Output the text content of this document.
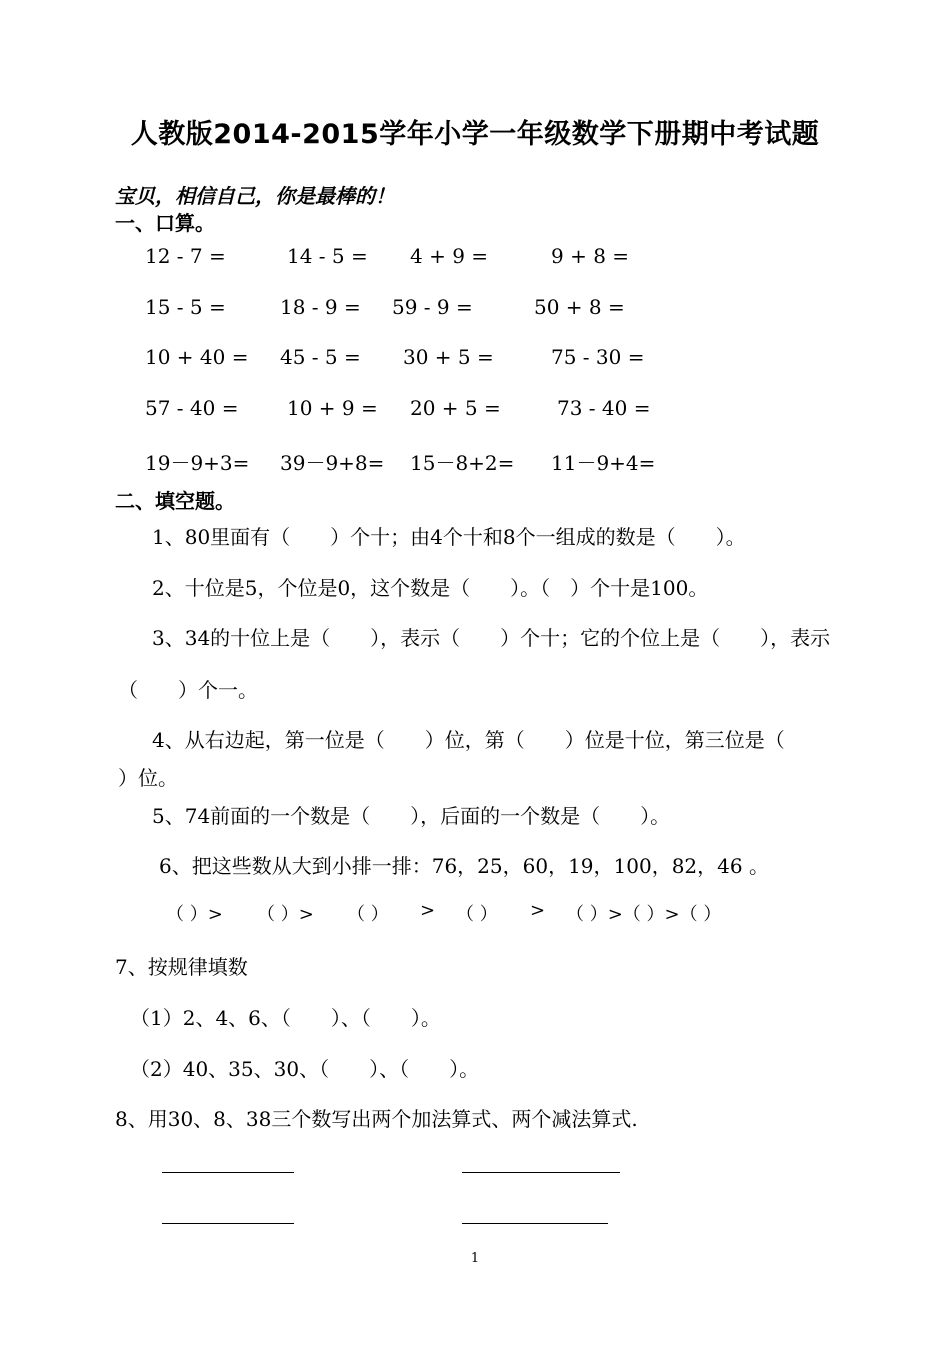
人教版2014-2015学年小学一年级数学下册期中考试题
宝贝，相信自己，你是最棒的！
一、口算。
12 - 7 =	14 - 5 = 4 + 9 =	9 + 8 =
15 - 5 =	18 - 9 = 59 - 9 =	50 + 8 =
10 + 40 = 45 - 5 = 30 + 5 =	75 - 30 =
57 - 40 = 10 + 9 = 20 + 5 =	73 - 40 =
19－9+3= 39－9+8= 15－8+2= 11－9+4=
二、填空题。
1、80里面有（　　）个十；由4个十和8个一组成的数是（　　）。
2、十位是5，个位是0，这个数是（　　）。（　）个十是100。
3、34的十位上是（　　），表示（　　）个十；它的个位上是（　　），表示
（　　）个一。
4、从右边起，第一位是（　　）位，第（　　）位是十位，第三位是（
）位。
5、74前面的一个数是（　　），后面的一个数是（　　）。
6、把这些数从大到小排一排：76，25，60，19，100，82，46 。
（ ）> （ ）> （ ） > （ ） > （ ）>（ ）>（ ）
7、按规律填数
（1）2、4、6、（　　）、（　　）。
（2）40、35、30、（　　）、（　　）。
8、用30、8、38三个数写出两个加法算式、两个减法算式.
1
